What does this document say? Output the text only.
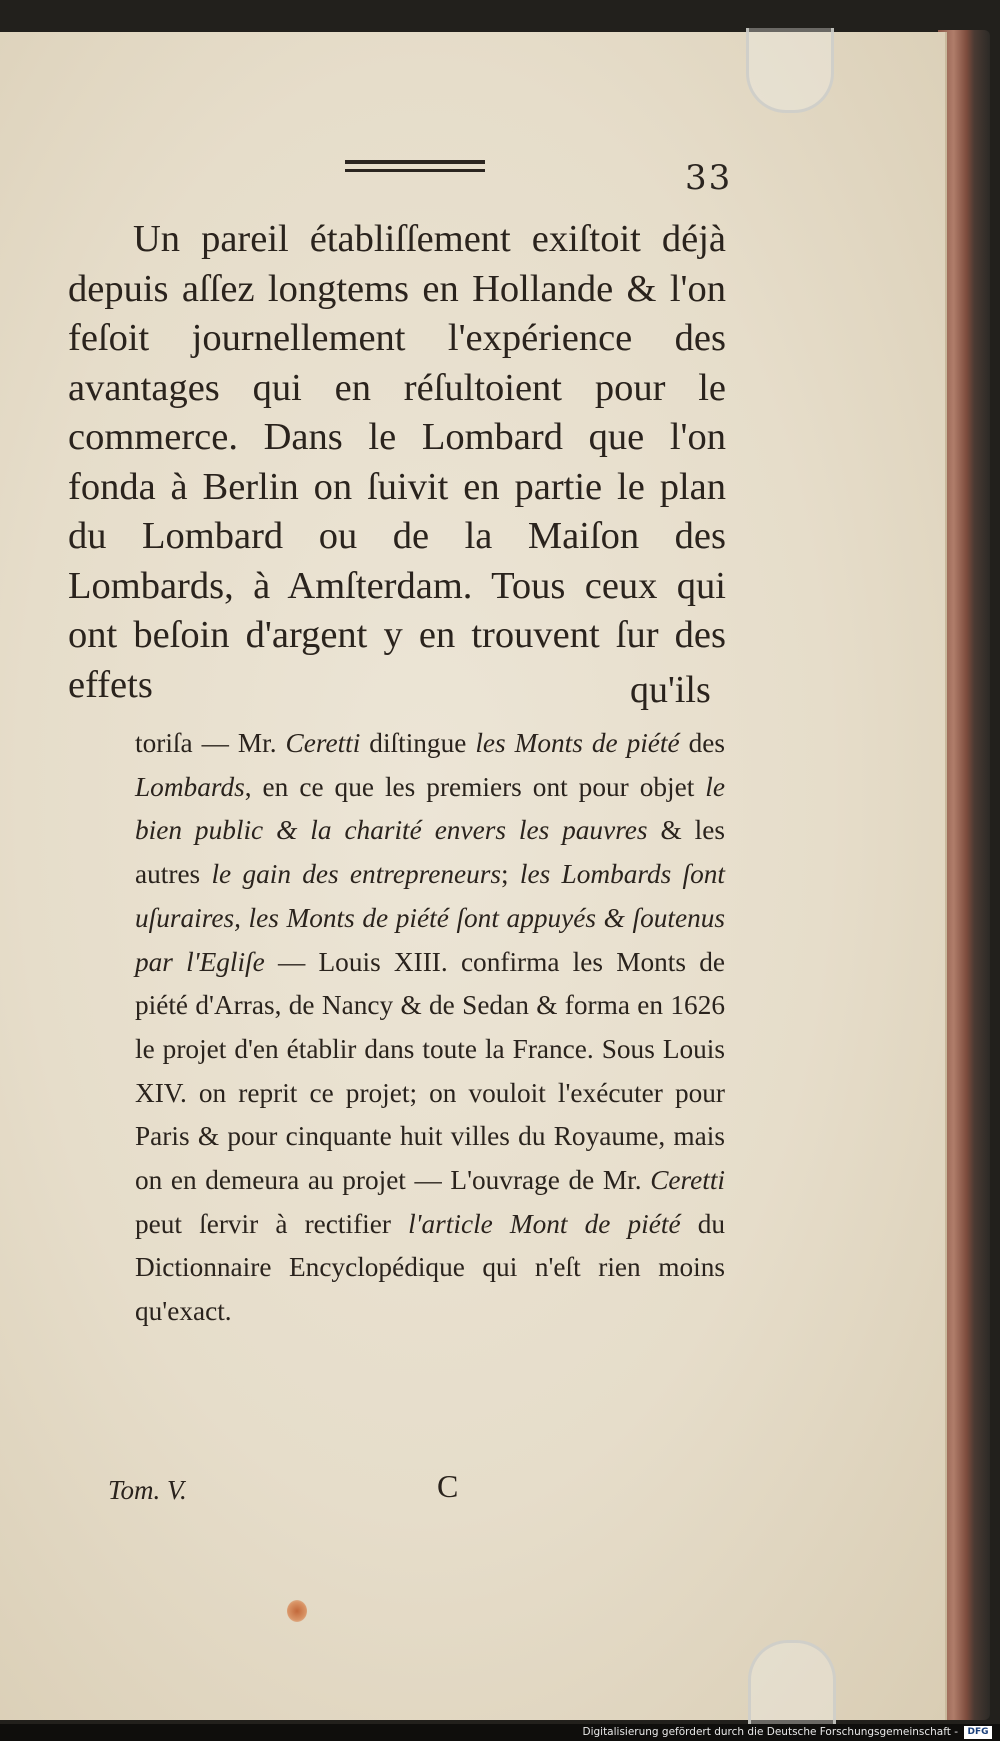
33

Un pareil établiſſement exiſtoit déjà depuis aſſez longtems en Hollande & l'on feſoit journellement l'expérience des avantages qui en réſultoient pour le commerce. Dans le Lombard que l'on fonda à Berlin on ſuivit en partie le plan du Lombard ou de la Maiſon des Lombards, à Amſterdam. Tous ceux qui ont beſoin d'argent y en trouvent ſur des effets	qu'ils

toriſa — Mr. Ceretti diſtingue les Monts de piété des Lombards, en ce que les premiers ont pour objet le bien public & la charité envers les pauvres & les autres le gain des entrepreneurs; les Lombards ſont uſuraires, les Monts de piété ſont appuyés & ſoutenus par l'Egliſe — Louis XIII. confirma les Monts de piété d'Arras, de Nancy & de Sedan & forma en 1626 le projet d'en établir dans toute la France. Sous Louis XIV. on reprit ce projet; on vouloit l'exécuter pour Paris & pour cinquante huit villes du Royaume, mais on en demeura au projet — L'ouvrage de Mr. Ceretti peut ſervir à rectifier l'article Mont de piété du Dictionnaire Encyclopédique qui n'eſt rien moins qu'exact.

Tom. V.	C
Digitalisierung gefördert durch die Deutsche Forschungsgemeinschaft -	DFG
